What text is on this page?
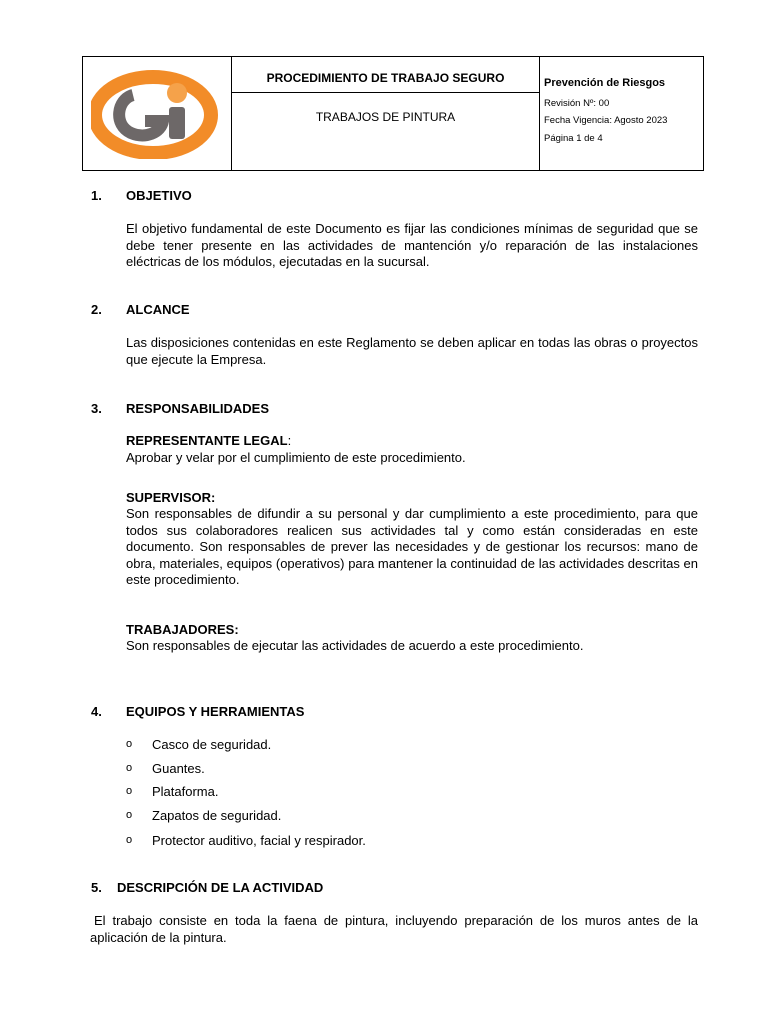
PROCEDIMIENTO DE TRABAJO SEGURO
TRABAJOS DE PINTURA
Prevención de Riesgos
Revisión Nº: 00
Fecha Vigencia: Agosto 2023
Página 1 de 4
1. OBJETIVO
El objetivo fundamental de este Documento es fijar las condiciones mínimas de seguridad que se debe tener presente en las actividades de mantención y/o reparación de las instalaciones eléctricas de los módulos, ejecutadas en la sucursal.
2. ALCANCE
Las disposiciones contenidas en este Reglamento se deben aplicar en todas las obras o proyectos que ejecute la Empresa.
3. RESPONSABILIDADES
REPRESENTANTE LEGAL:
Aprobar y velar por el cumplimiento de este procedimiento.
SUPERVISOR:
Son responsables de difundir a su personal y dar cumplimiento a este procedimiento, para que todos sus colaboradores realicen sus actividades tal y como están consideradas en este documento. Son responsables de prever las necesidades y de gestionar los recursos: mano de obra, materiales, equipos (operativos) para mantener la continuidad de las actividades descritas en este procedimiento.
TRABAJADORES:
Son responsables de ejecutar las actividades de acuerdo a este procedimiento.
4. EQUIPOS Y HERRAMIENTAS
o Casco de seguridad.
o Guantes.
o Plataforma.
o Zapatos de seguridad.
o Protector auditivo, facial y respirador.
5. DESCRIPCIÓN DE LA ACTIVIDAD
El trabajo consiste en toda la faena de pintura, incluyendo preparación de los muros antes de la aplicación de la pintura.
